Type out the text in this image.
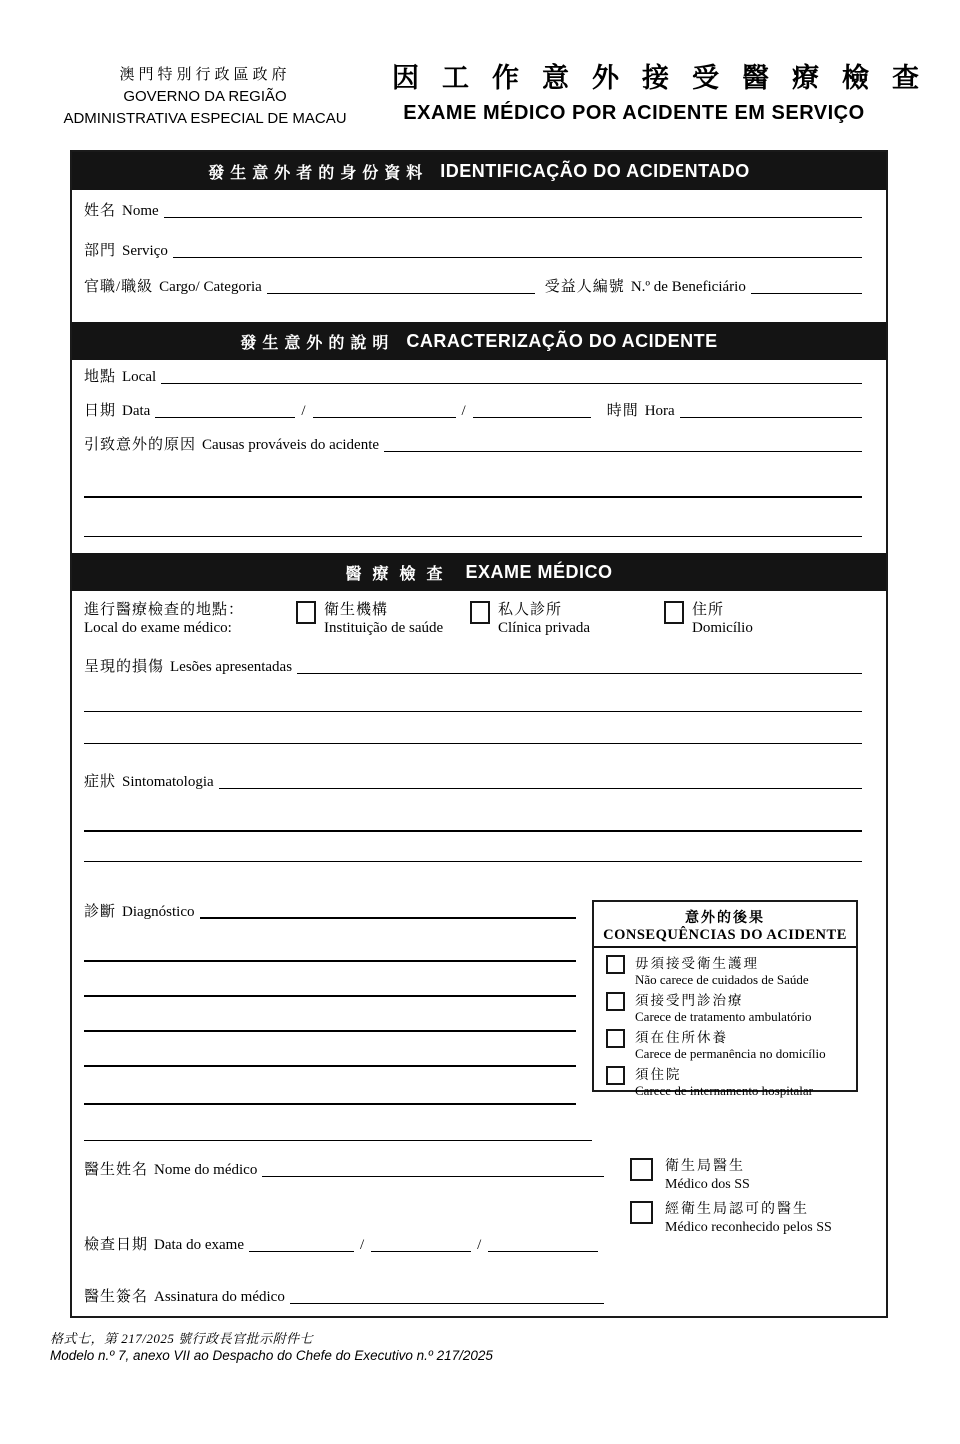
澳門特別行政區政府
GOVERNO DA REGIÃO
ADMINISTRATIVA ESPECIAL DE MACAU
因工作意外接受醫療檢查
EXAME MÉDICO POR ACIDENTE EM SERVIÇO
發生意外者的身份資料 IDENTIFICAÇÃO DO ACIDENTADO
姓名 Nome
部門 Serviço
官職/職級 Cargo/ Categoria	受益人編號 N.º de Beneficiário
發生意外的說明 CARACTERIZAÇÃO DO ACIDENTE
地點 Local
日期 Data	/	/	時間 Hora
引致意外的原因 Causas prováveis do acidente
醫療檢查 EXAME MÉDICO
進行醫療檢查的地點：
Local do exame médico:
衛生機構
Instituição de saúde
私人診所
Clínica privada
住所
Domicílio
呈現的損傷 Lesões apresentadas
症狀 Sintomatologia
診斷 Diagnóstico	意外的後果
CONSEQUÊNCIAS DO ACIDENTE
毋須接受衛生護理
Não carece de cuidados de Saúde
須接受門診治療
Carece de tratamento ambulatório
須在住所休養
Carece de permanência no domicílio
須住院
Carece de internamento hospitalar
醫生姓名 Nome do médico	衛生局醫生
Médico dos SS
經衛生局認可的醫生
Médico reconhecido pelos SS
檢查日期 Data do exame	/	/
醫生簽名 Assinatura do médico
格式七，第 217/2025 號行政長官批示附件七
Modelo n.º 7, anexo VII ao Despacho do Chefe do Executivo n.º 217/2025
